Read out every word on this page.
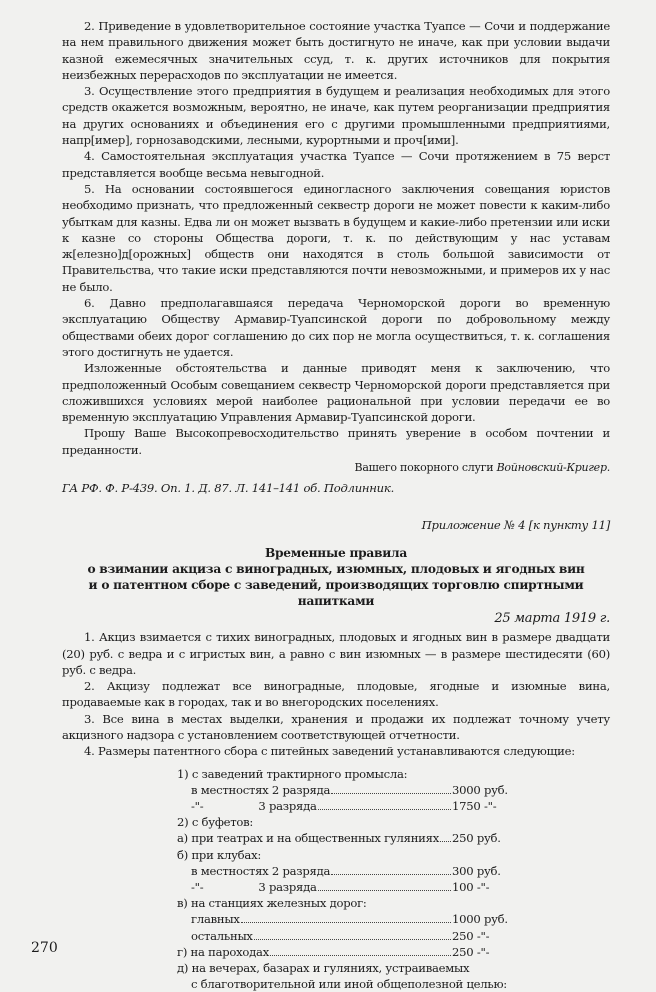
2. Приведение в удовлетворительное состояние участка Туапсе — Сочи и поддержание на нем правильного движения может быть достигнуто не иначе, как при условии выдачи казной ежемесячных значительных ссуд, т. к. других источников для покрытия неизбежных перерасходов по эксплуатации не имеется.

3. Осуществление этого предприятия в будущем и реализация необходимых для этого средств окажется возможным, вероятно, не иначе, как путем реорганизации предприятия на других основаниях и объединения его с другими промышленными предприятиями, напр[имер], горнозаводскими, лесными, курортными и проч[ими].

4. Самостоятельная эксплуатация участка Туапсе — Сочи протяжением в 75 верст представляется вообще весьма невыгодной.

5. На основании состоявшегося единогласного заключения совещания юристов необходимо признать, что предложенный секвестр дороги не может повести к каким-либо убыткам для казны. Едва ли он может вызвать в будущем и какие-либо претензии или иски к казне со стороны Общества дороги, т. к. по действующим у нас уставам ж[елезно]д[орожных] обществ они находятся в столь большой зависимости от Правительства, что такие иски представляются почти невозможными, и примеров их у нас не было.

6. Давно предполагавшаяся передача Черноморской дороги во временную эксплуатацию Обществу Армавир-Туапсинской дороги по добровольному между обществами обеих дорог соглашению до сих пор не могла осуществиться, т. к. соглашения этого достигнуть не удается.

Изложенные обстоятельства и данные приводят меня к заключению, что предположенный Особым совещанием секвестр Черноморской дороги представляется при сложившихся условиях мерой наиболее рациональной при условии передачи ее во временную эксплуатацию Управления Армавир-Туапсинской дороги.

Прошу Ваше Высокопревосходительство принять уверение в особом почтении и преданности.

Вашего покорного слуги Войновский-Кригер.

ГА РФ. Ф. Р-439. Оп. 1. Д. 87. Л. 141–141 об. Подлинник.

Приложение № 4 [к пункту 11]

Временные правила
о взимании акциза с виноградных, изюмных, плодовых и ягодных вин
и о патентном сборе с заведений, производящих торговлю спиртными напитками

25 марта 1919 г.

1. Акциз взимается с тихих виноградных, плодовых и ягодных вин в размере двадцати (20) руб. с ведра и с игристых вин, а равно с вин изюмных — в размере шестидесяти (60) руб. с ведра.

2. Акцизу подлежат все виноградные, плодовые, ягодные и изюмные вина, продаваемые как в городах, так и во внегородских поселениях.

3. Все вина в местах выделки, хранения и продажи их подлежат точному учету акцизного надзора с установлением соответствующей отчетности.

4. Размеры патентного сбора с питейных заведений устанавливаются следующие:

1) с заведений трактирного промысла:
в местностях 2 разряда	3000 руб.
-"-                3 разряда	1750 -"-
2) с буфетов:
а) при театрах и на общественных гуляниях 250 руб.
б) при клубах:
в местностях 2 разряда	300 руб.
-"-                3 разряда	100 -"-
в) на станциях железных дорог:
главных	1000 руб.
остальных	250 -"-
г) на пароходах	250 -"-
д) на вечерах, базарах и гуляниях, устраиваемых
с благотворительной или иной общеполезной целью:
270
